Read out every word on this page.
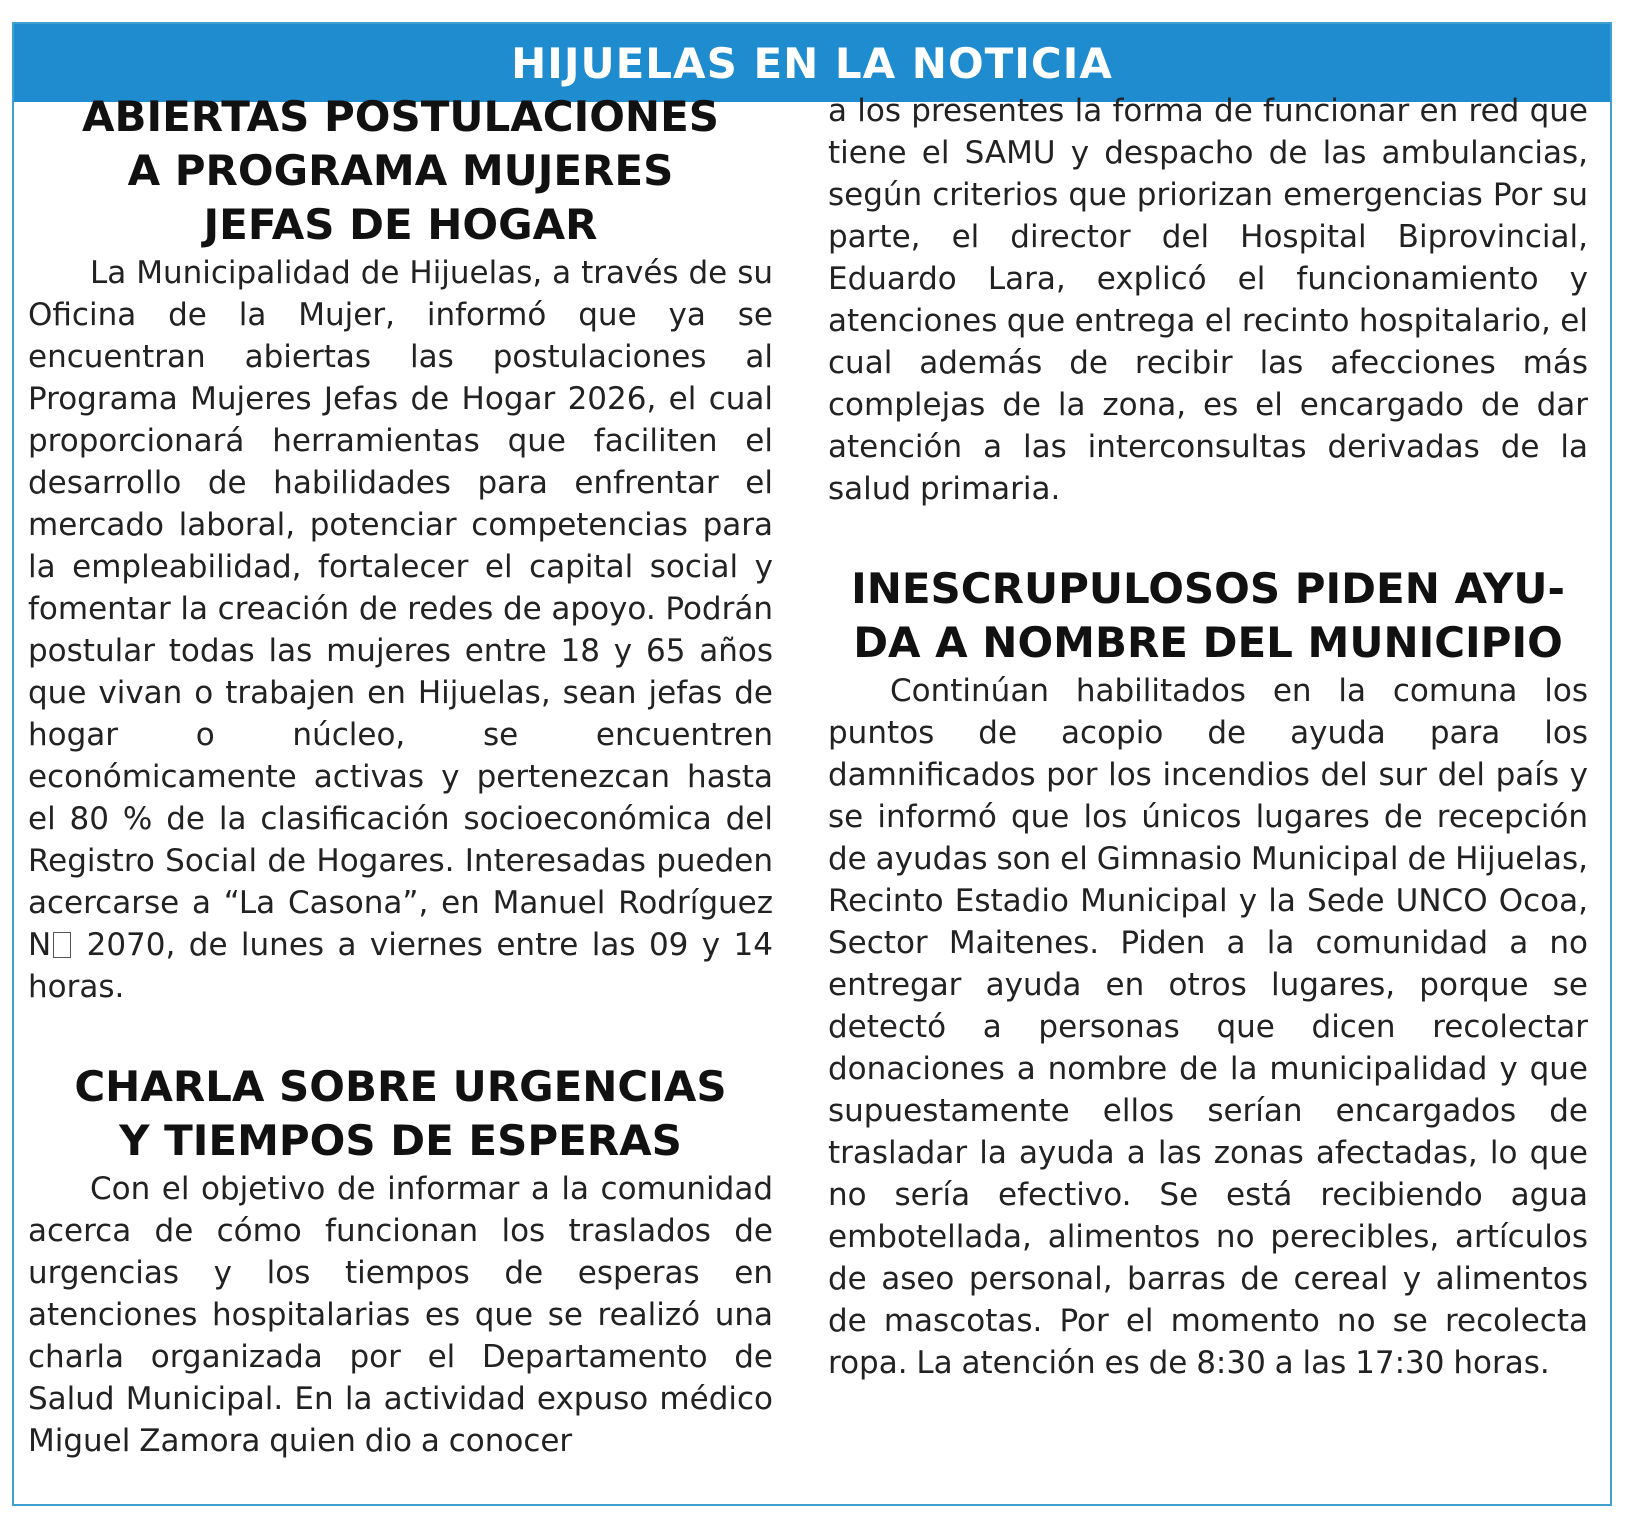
HIJUELAS EN LA NOTICIA
ABIERTAS POSTULACIONES
A PROGRAMA MUJERES
JEFAS DE HOGAR

La Municipalidad de Hijuelas, a través de su Oficina de la Mujer, informó que ya se encuentran abiertas las postulaciones al Programa Mujeres Jefas de Hogar 2026, el cual proporcionará herramientas que faciliten el desarrollo de habilidades para enfrentar el mercado laboral, potenciar competencias para la empleabilidad, fortalecer el capital social y fomentar la creación de redes de apoyo. Podrán postular todas las mujeres entre 18 y 65 años que vivan o trabajen en Hijuelas, sean jefas de hogar o núcleo, se encuentren económicamente activas y pertenezcan hasta el 80 % de la clasificación socioeconómica del Registro Social de Hogares. Interesadas pueden acercarse a “La Casona”, en Manuel Rodríguez N 2070, de lunes a viernes entre las 09 y 14 horas.

CHARLA SOBRE URGENCIAS
Y TIEMPOS DE ESPERAS

Con el objetivo de informar a la comunidad acerca de cómo funcionan los traslados de urgencias y los tiempos de esperas en atenciones hospitalarias es que se realizó una charla organizada por el Departamento de Salud Municipal. En la actividad expuso médico Miguel Zamora quien dio a conocer

a los presentes la forma de funcionar en red que tiene el SAMU y despacho de las ambulancias, según criterios que priorizan emergencias Por su parte, el director del Hospital Biprovincial, Eduardo Lara, explicó el funcionamiento y atenciones que entrega el recinto hospitalario, el cual además de recibir las afecciones más complejas de la zona, es el encargado de dar atención a las interconsultas derivadas de la salud primaria.

INESCRUPULOSOS PIDEN AYU-
DA A NOMBRE DEL MUNICIPIO

Continúan habilitados en la comuna los puntos de acopio de ayuda para los damnificados por los incendios del sur del país y se informó que los únicos lugares de recepción de ayudas son el Gimnasio Municipal de Hijuelas, Recinto Estadio Municipal y la Sede UNCO Ocoa, Sector Maitenes. Piden a la comunidad a no entregar ayuda en otros lugares, porque se detectó a personas que dicen recolectar donaciones a nombre de la municipalidad y que supuestamente ellos serían encargados de trasladar la ayuda a las zonas afectadas, lo que no sería efectivo. Se está recibiendo agua embotellada, alimentos no perecibles, artículos de aseo personal, barras de cereal y alimentos de mascotas. Por el momento no se recolecta ropa. La atención es de 8:30 a las 17:30 horas.
